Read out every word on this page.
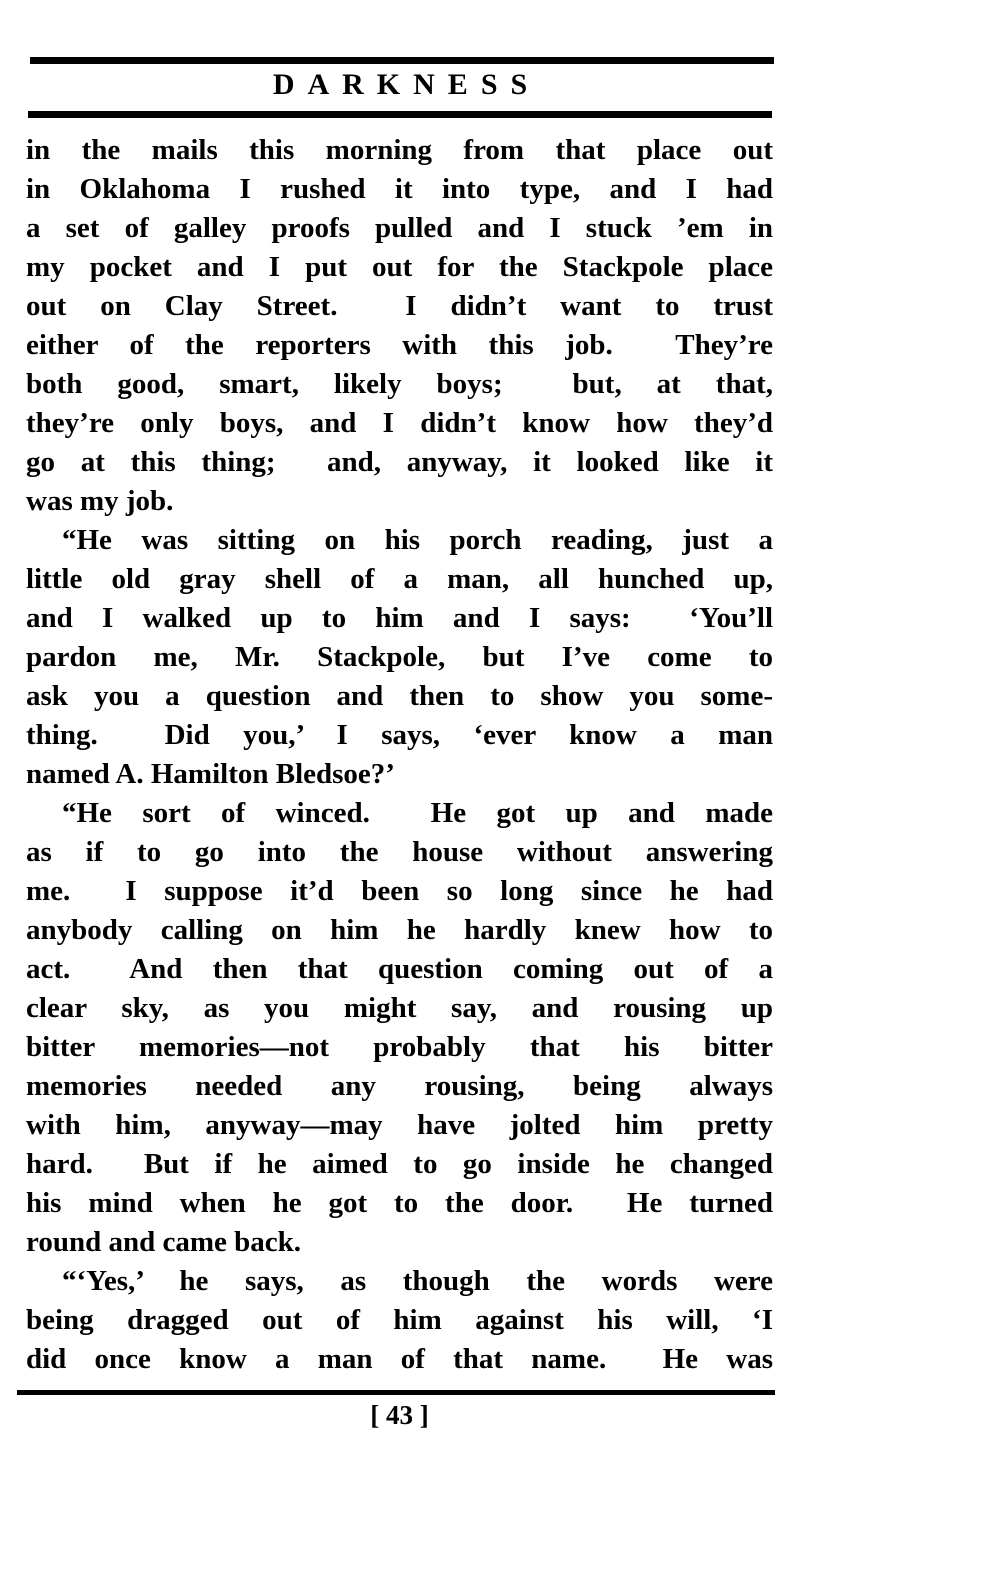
DARKNESS
in the mails this morning from that place out
in Oklahoma I rushed it into type, and I had
a set of galley proofs pulled and I stuck ’em in
my pocket and I put out for the Stackpole place
out on Clay Street.  I didn’t want to trust
either of the reporters with this job.  They’re
both good, smart, likely boys;  but, at that,
they’re only boys, and I didn’t know how they’d
go at this thing;  and, anyway, it looked like it
was my job.
“He was sitting on his porch reading, just a
little old gray shell of a man, all hunched up,
and I walked up to him and I says:  ‘You’ll
pardon me, Mr. Stackpole, but I’ve come to
ask you a question and then to show you some-
thing.  Did you,’ I says, ‘ever know a man
named A. Hamilton Bledsoe?’
“He sort of winced.  He got up and made
as if to go into the house without answering
me.  I suppose it’d been so long since he had
anybody calling on him he hardly knew how to
act.  And then that question coming out of a
clear sky, as you might say, and rousing up
bitter memories—not probably that his bitter
memories needed any rousing, being always
with him, anyway—may have jolted him pretty
hard.  But if he aimed to go inside he changed
his mind when he got to the door.  He turned
round and came back.
“‘Yes,’ he says, as though the words were
being dragged out of him against his will, ‘I
did once know a man of that name.  He was
[ 43 ]
